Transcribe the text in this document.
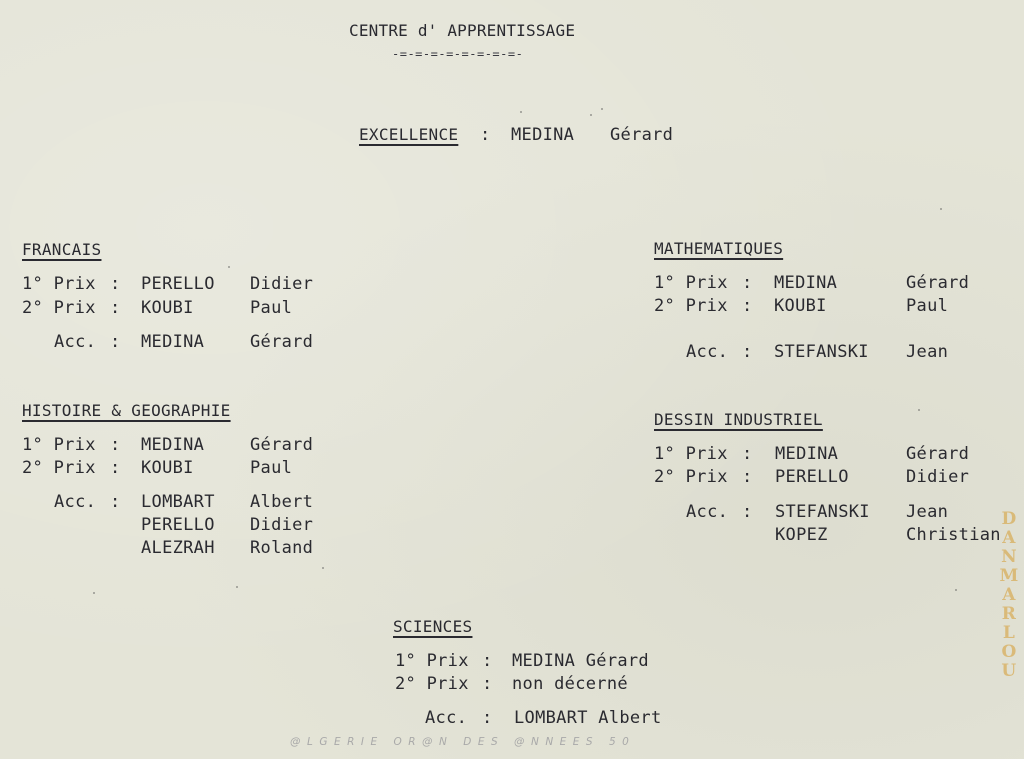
CENTRE d' APPRENTISSAGE
-=-=-=-=-=-=-=-=-
EXCELLENCE : MEDINA Gérard
FRANCAIS
1° Prix : PERELLO Didier
2° Prix : KOUBI	Paul
Acc. : MEDINA	Gérard
HISTOIRE & GEOGRAPHIE
1° Prix : MEDINA	Gérard
2° Prix : KOUBI	Paul
Acc. : LOMBART Albert
PERELLO Didier
ALEZRAH Roland
MATHEMATIQUES
1° Prix : MEDINA	Gérard
2° Prix : KOUBI	Paul
Acc. : STEFANSKI Jean
DESSIN INDUSTRIEL
1° Prix : MEDINA	Gérard
2° Prix : PERELLO	Didier
Acc. : STEFANSKI Jean
KOPEZ	Christian
SCIENCES
1° Prix : MEDINA Gérard
2° Prix : non décerné
Acc. : LOMBART Albert
DANMARLOU
@LGERIE OR@N DES @NNEES 50
